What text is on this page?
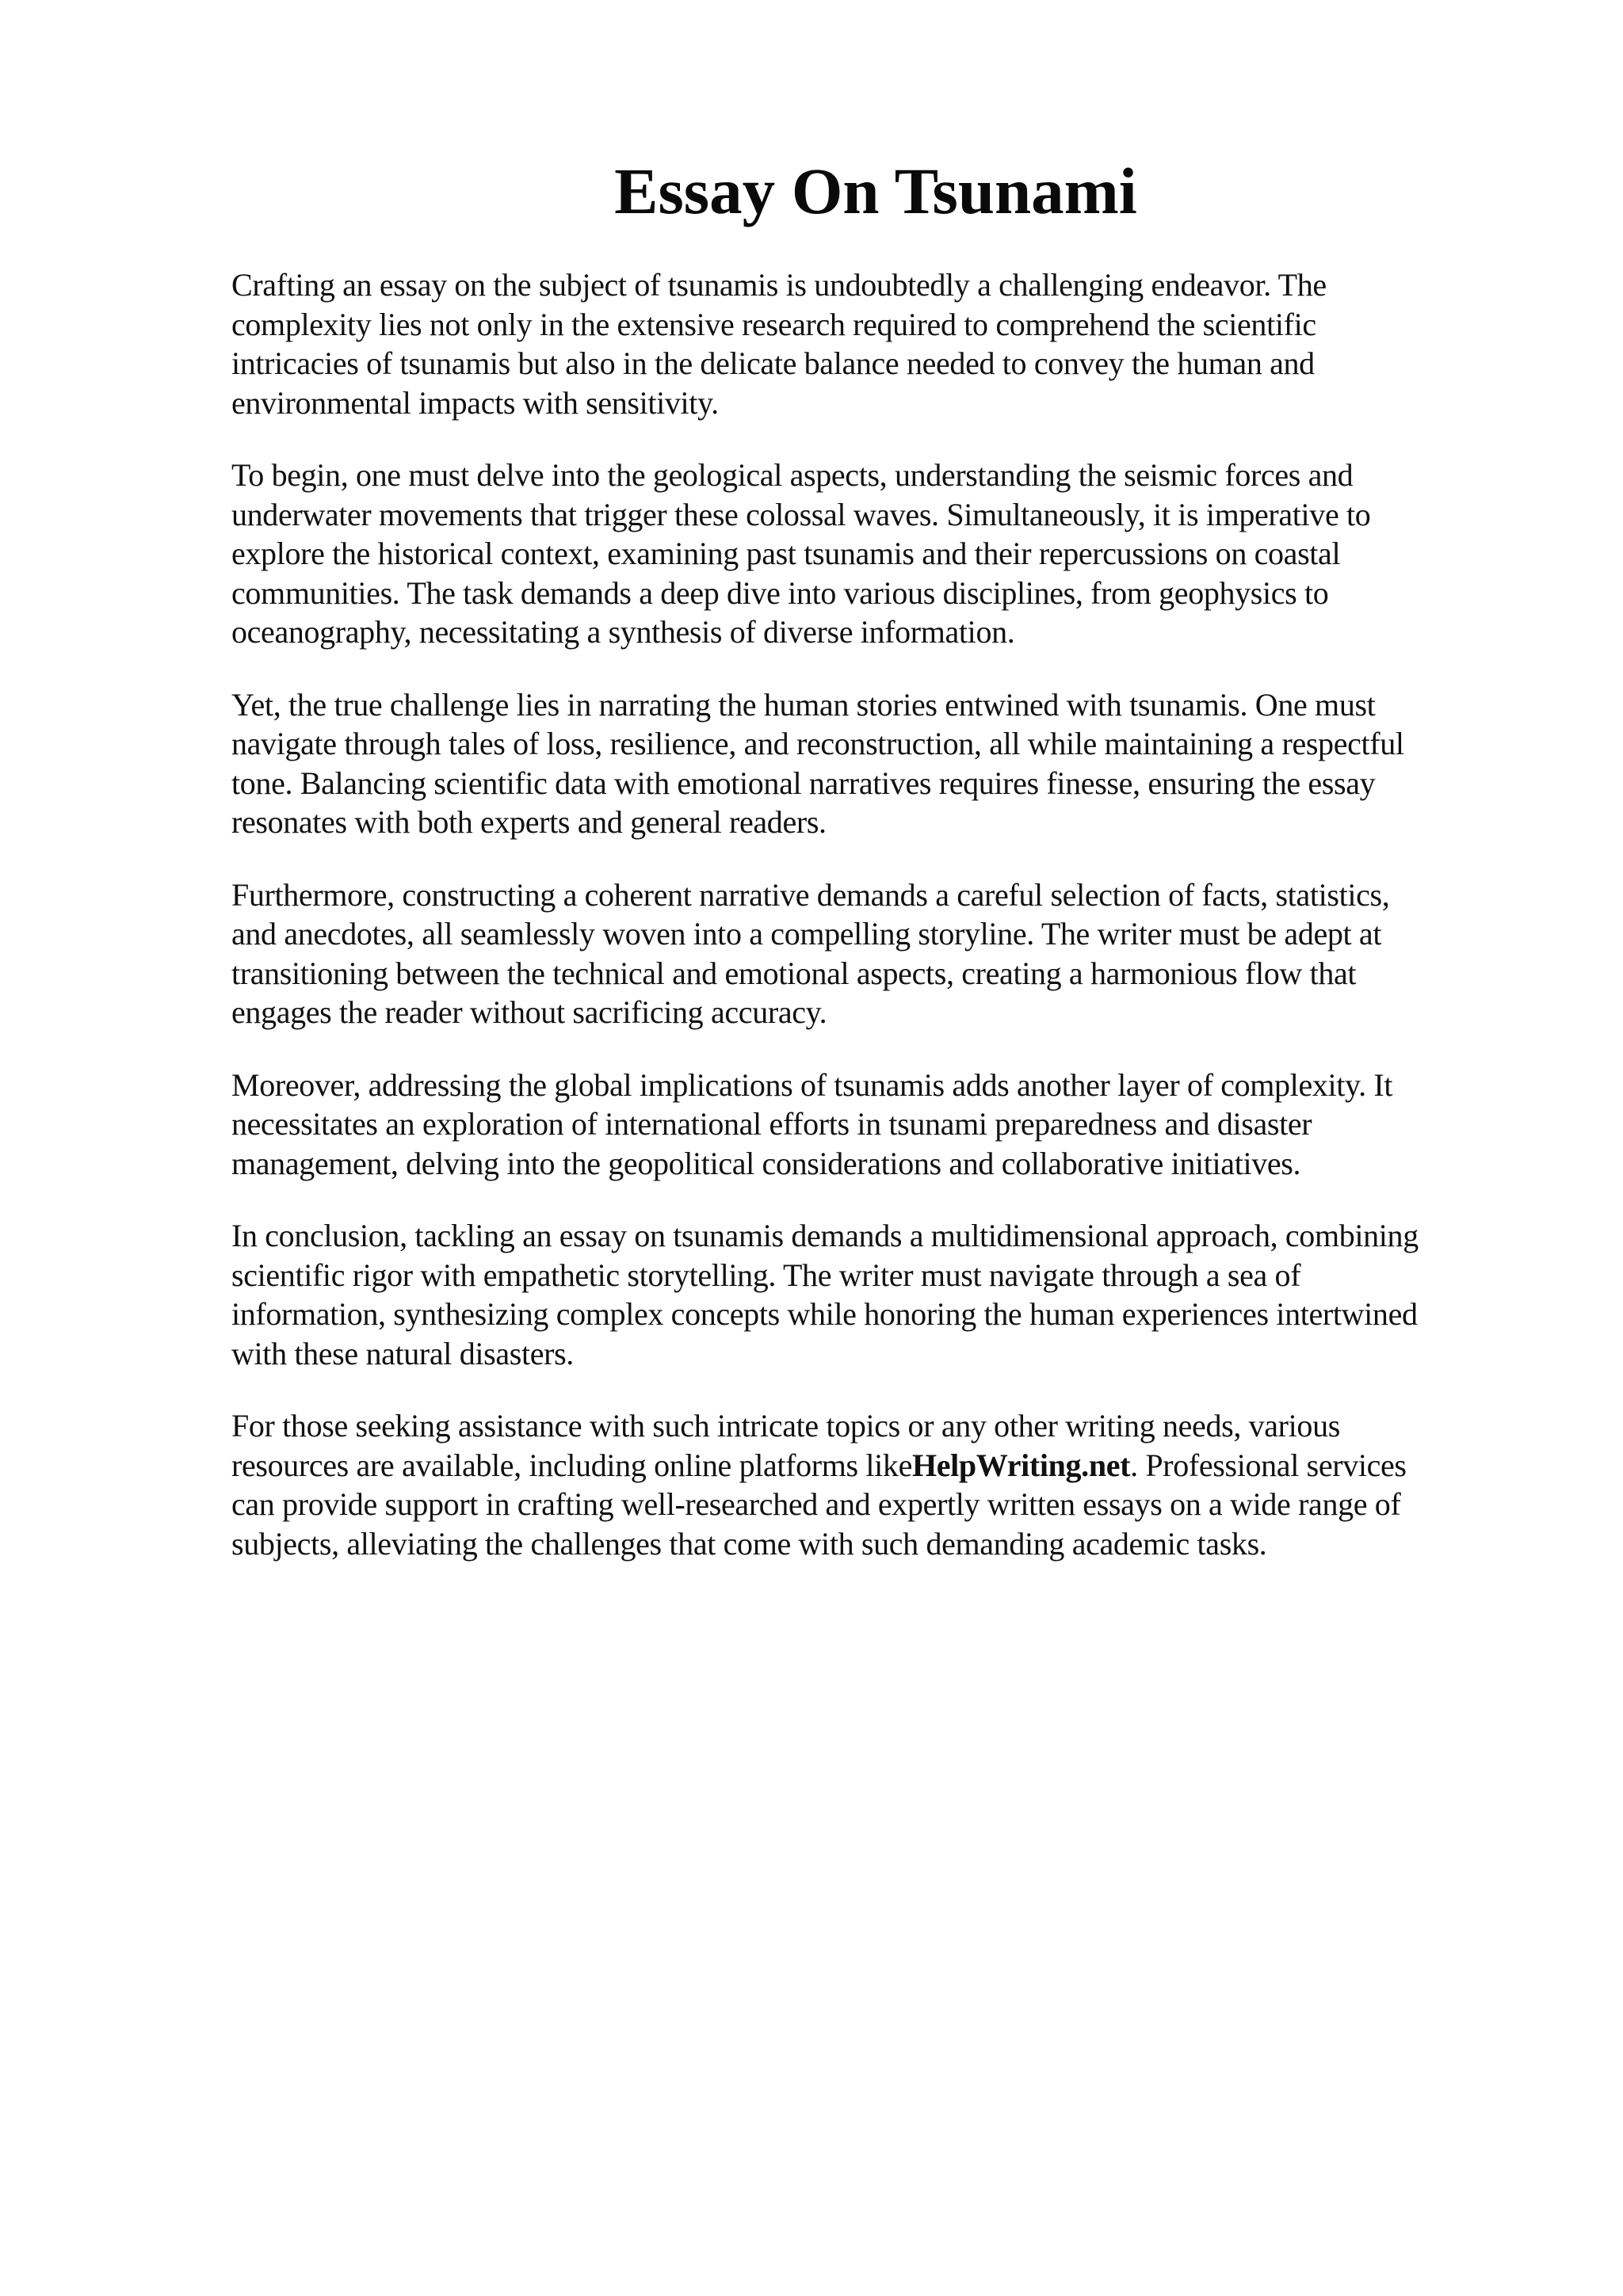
Essay On Tsunami

Crafting an essay on the subject of tsunamis is undoubtedly a challenging endeavor. The
complexity lies not only in the extensive research required to comprehend the scientific
intricacies of tsunamis but also in the delicate balance needed to convey the human and
environmental impacts with sensitivity.

To begin, one must delve into the geological aspects, understanding the seismic forces and
underwater movements that trigger these colossal waves. Simultaneously, it is imperative to
explore the historical context, examining past tsunamis and their repercussions on coastal
communities. The task demands a deep dive into various disciplines, from geophysics to
oceanography, necessitating a synthesis of diverse information.

Yet, the true challenge lies in narrating the human stories entwined with tsunamis. One must
navigate through tales of loss, resilience, and reconstruction, all while maintaining a respectful
tone. Balancing scientific data with emotional narratives requires finesse, ensuring the essay
resonates with both experts and general readers.

Furthermore, constructing a coherent narrative demands a careful selection of facts, statistics,
and anecdotes, all seamlessly woven into a compelling storyline. The writer must be adept at
transitioning between the technical and emotional aspects, creating a harmonious flow that
engages the reader without sacrificing accuracy.

Moreover, addressing the global implications of tsunamis adds another layer of complexity. It
necessitates an exploration of international efforts in tsunami preparedness and disaster
management, delving into the geopolitical considerations and collaborative initiatives.

In conclusion, tackling an essay on tsunamis demands a multidimensional approach, combining
scientific rigor with empathetic storytelling. The writer must navigate through a sea of
information, synthesizing complex concepts while honoring the human experiences intertwined
with these natural disasters.

For those seeking assistance with such intricate topics or any other writing needs, various
resources are available, including online platforms likeHelpWriting.net. Professional services
can provide support in crafting well-researched and expertly written essays on a wide range of
subjects, alleviating the challenges that come with such demanding academic tasks.
